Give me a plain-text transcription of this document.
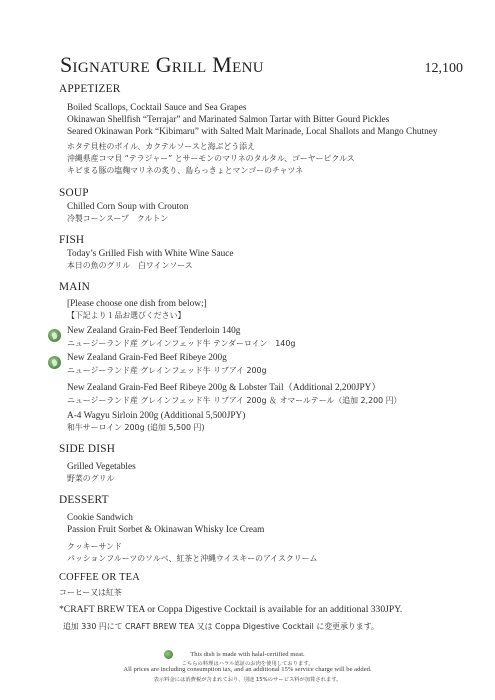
Signature Grill Menu	12,100
APPETIZER
Boiled Scallops, Cocktail Sauce and Sea Grapes
Okinawan Shellfish “Terrajar” and Marinated Salmon Tartar with Bitter Gourd Pickles
Seared Okinawan Pork “Kibimaru” with Salted Malt Marinade, Local Shallots and Mango Chutney
ホタテ貝柱のボイル、カクテルソースと海ぶどう添え
沖縄県産コマ貝 “テラジャー” とサーモンのマリネのタルタル、ゴーヤーピクルス
キビまる豚の塩麹マリネの炙り、島らっきょとマンゴーのチャツネ
SOUP
Chilled Corn Soup with Crouton
冷製コーンスープ　クルトン
FISH
Today’s Grilled Fish with White Wine Sauce
本日の魚のグリル　白ワインソース
MAIN
[Please choose one dish from below;]
【下記より１品お選びください】
New Zealand Grain-Fed Beef Tenderloin 140g
ニュージーランド産 グレインフェッド牛 テンダーロイン　140g
New Zealand Grain-Fed Beef Ribeye 200g
ニュージーランド産 グレインフェッド牛 リブアイ 200g
New Zealand Grain-Fed Beef Ribeye 200g & Lobster Tail（Additional 2,200JPY）
ニュージーランド産 グレインフェッド牛 リブアイ 200g ＆ オマールテール（追加 2,200 円）
A-4 Wagyu Sirloin 200g (Additional 5,500JPY)
和牛サーロイン 200g (追加 5,500 円)
SIDE DISH
Grilled Vegetables
野菜のグリル
DESSERT
Cookie Sandwich
Passion Fruit Sorbet & Okinawan Whisky Ice Cream
クッキーサンド
パッションフルーツのソルベ、紅茶と沖縄ウイスキーのアイスクリーム
COFFEE OR TEA
コーヒー又は紅茶
*CRAFT BREW TEA or Coppa Digestive Cocktail is available for an additional 330JPY.
追加 330 円にて CRAFT BREW TEA 又は Coppa Digestive Cocktail に変更承ります。
This dish is made with halal-certified meat.
こちらの料理はハラル認証のお肉を使用しております。
All prices are including consumption tax, and an additional 15% service charge will be added.
表示料金には消費税が含まれており、別途 15%のサービス料が加算されます。
